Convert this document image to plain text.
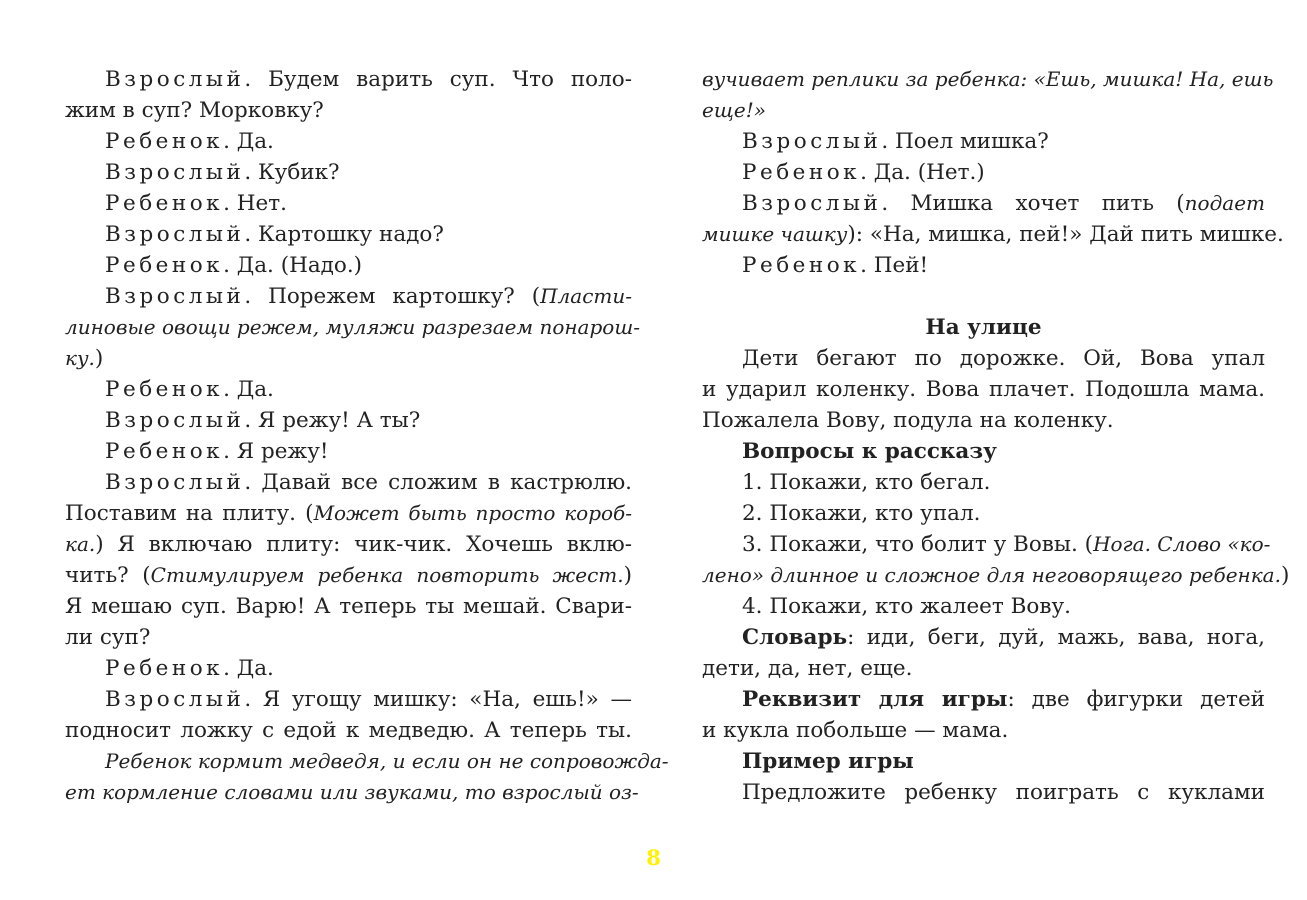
Взрослый. Будем варить суп. Что поло-
жим в суп? Морковку?
Ребенок. Да.
Взрослый. Кубик?
Ребенок. Нет.
Взрослый. Картошку надо?
Ребенок. Да. (Надо.)
Взрослый. Порежем картошку? (Пласти-
линовые овощи режем, муляжи разрезаем понарош-
ку.)
Ребенок. Да.
Взрослый. Я режу! А ты?
Ребенок. Я режу!
Взрослый. Давай все сложим в кастрюлю.
Поставим на плиту. (Может быть просто короб-
ка.) Я включаю плиту: чик-чик. Хочешь вклю-
чить? (Стимулируем ребенка повторить жест.)
Я мешаю суп. Варю! А теперь ты мешай. Свари-
ли суп?
Ребенок. Да.
Взрослый. Я угощу мишку: «На, ешь!» —
подносит ложку с едой к медведю. А теперь ты.
Ребенок кормит медведя, и если он не сопровожда-
ет кормление словами или звуками, то взрослый оз-
вучивает реплики за ребенка: «Ешь, мишка! На, ешь
еще!»
Взрослый. Поел мишка?
Ребенок. Да. (Нет.)
Взрослый. Мишка хочет пить (подает
мишке чашку): «На, мишка, пей!» Дай пить мишке.
Ребенок. Пей!
На улице
Дети бегают по дорожке. Ой, Вова упал
и ударил коленку. Вова плачет. Подошла мама.
Пожалела Вову, подула на коленку.
Вопросы к рассказу
1. Покажи, кто бегал.
2. Покажи, кто упал.
3. Покажи, что болит у Вовы. (Нога. Слово «ко-
лено» длинное и сложное для неговорящего ребенка.)
4. Покажи, кто жалеет Вову.
Словарь: иди, беги, дуй, мажь, вава, нога,
дети, да, нет, еще.
Реквизит для игры: две фигурки детей
и кукла побольше — мама.
Пример игры
Предложите ребенку поиграть с куклами
8
